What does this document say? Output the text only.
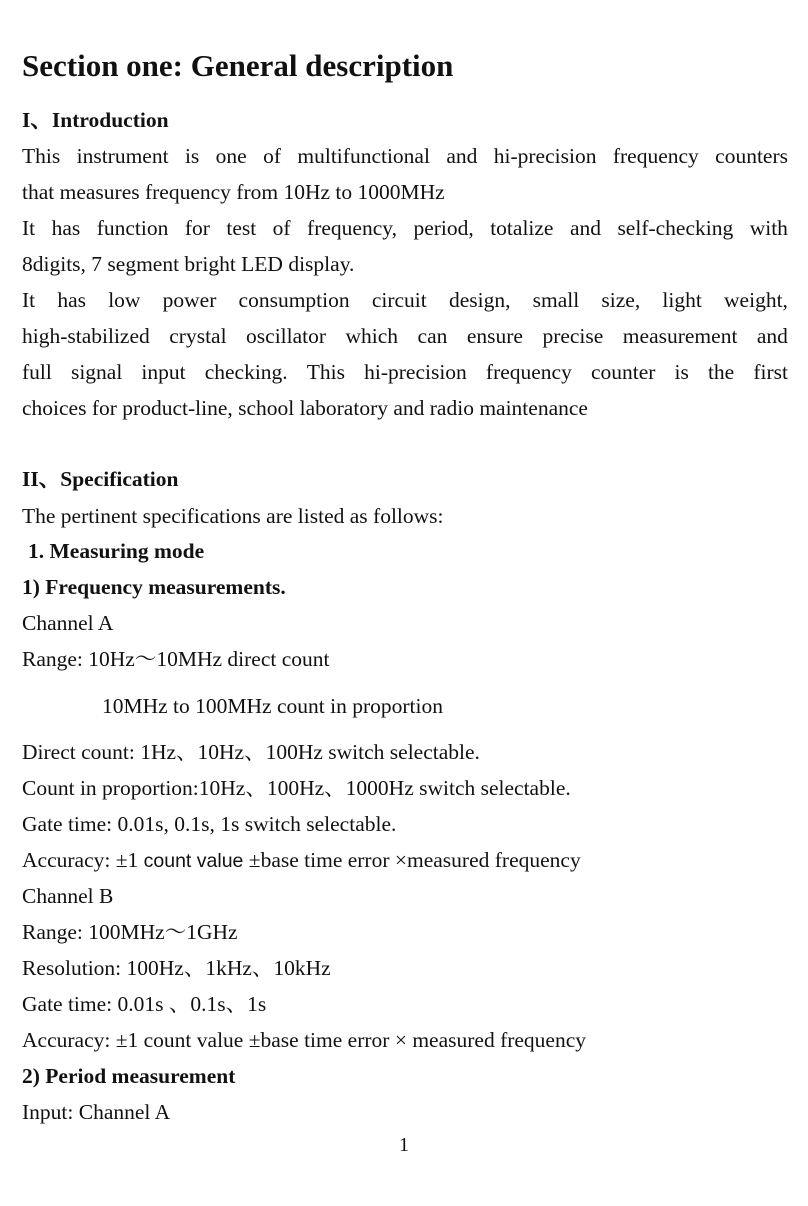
Section one: General description
I、Introduction
This instrument is one of multifunctional and hi-precision frequency counters
that measures frequency from 10Hz to 1000MHz
It has function for test of frequency, period, totalize and self-checking with
8digits, 7 segment bright LED display.
It has low power consumption circuit design, small size, light weight,
high-stabilized crystal oscillator which can ensure precise measurement and
full signal input checking. This hi-precision frequency counter is the first
choices for product-line, school laboratory and radio maintenance
II、Specification
The pertinent specifications are listed as follows:
1. Measuring mode
1) Frequency measurements.
Channel A
Range: 10Hz～10MHz direct count
10MHz to 100MHz count in proportion
Direct count: 1Hz、10Hz、100Hz switch selectable.
Count in proportion:10Hz、100Hz、1000Hz switch selectable.
Gate time: 0.01s, 0.1s, 1s switch selectable.
Accuracy: ±1 count value ±base time error ×measured frequency
Channel B
Range: 100MHz～1GHz
Resolution: 100Hz、1kHz、10kHz
Gate time: 0.01s 、0.1s、1s
Accuracy: ±1 count value ±base time error × measured frequency
2) Period measurement
Input: Channel A
1
